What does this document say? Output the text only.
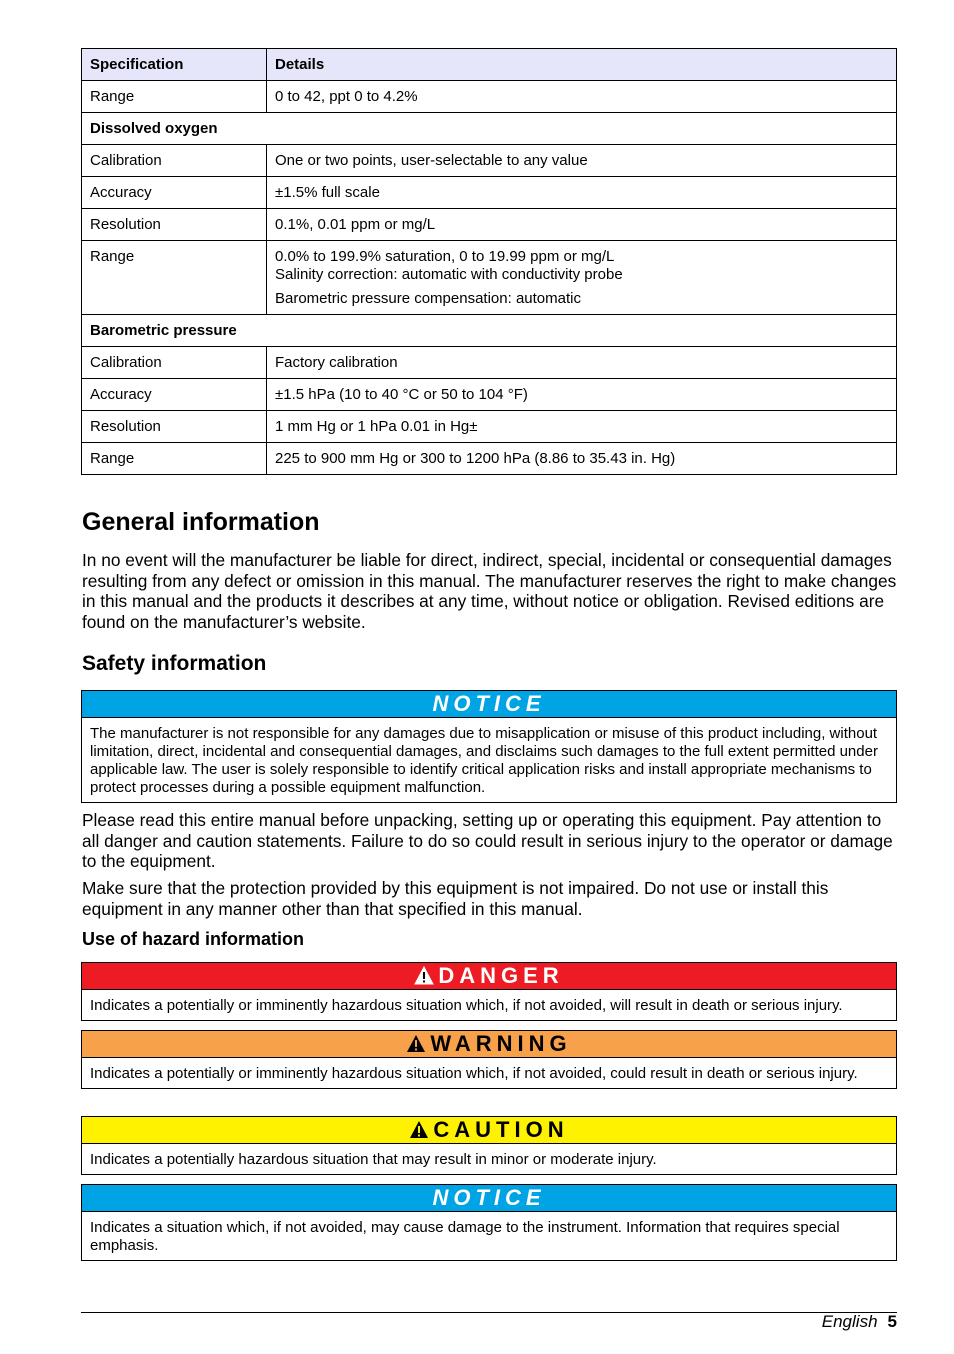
Specification	Details
Range	0 to 42, ppt 0 to 4.2%
Dissolved oxygen	
Calibration	One or two points, user-selectable to any value
Accuracy	±1.5% full scale
Resolution	0.1%, 0.01 ppm or mg/L
Range	0.0% to 199.9% saturation, 0 to 19.99 ppm or mg/L
Salinity correction: automatic with conductivity probe

Barometric pressure compensation: automatic

Barometric pressure	
Calibration	Factory calibration
Accuracy	±1.5 hPa (10 to 40 °C or 50 to 104 °F)
Resolution	1 mm Hg or 1 hPa 0.01 in Hg±
Range	225 to 900 mm Hg or 300 to 1200 hPa (8.86 to 35.43 in. Hg)
General information

In no event will the manufacturer be liable for direct, indirect, special, incidental or consequential damages resulting from any defect or omission in this manual. The manufacturer reserves the right to make changes in this manual and the products it describes at any time, without notice or obligation. Revised editions are found on the manufacturer’s website.

Safety information
NOTICE
The manufacturer is not responsible for any damages due to misapplication or misuse of this product including, without limitation, direct, incidental and consequential damages, and disclaims such damages to the full extent permitted under applicable law. The user is solely responsible to identify critical application risks and install appropriate mechanisms to protect processes during a possible equipment malfunction.

Please read this entire manual before unpacking, setting up or operating this equipment. Pay attention to all danger and caution statements. Failure to do so could result in serious injury to the operator or damage to the equipment.

Make sure that the protection provided by this equipment is not impaired. Do not use or install this equipment in any manner other than that specified in this manual.

Use of hazard information
DANGER
Indicates a potentially or imminently hazardous situation which, if not avoided, will result in death or serious injury.
WARNING
Indicates a potentially or imminently hazardous situation which, if not avoided, could result in death or serious injury.
CAUTION
Indicates a potentially hazardous situation that may result in minor or moderate injury.
NOTICE
Indicates a situation which, if not avoided, may cause damage to the instrument. Information that requires special emphasis.
English 5
